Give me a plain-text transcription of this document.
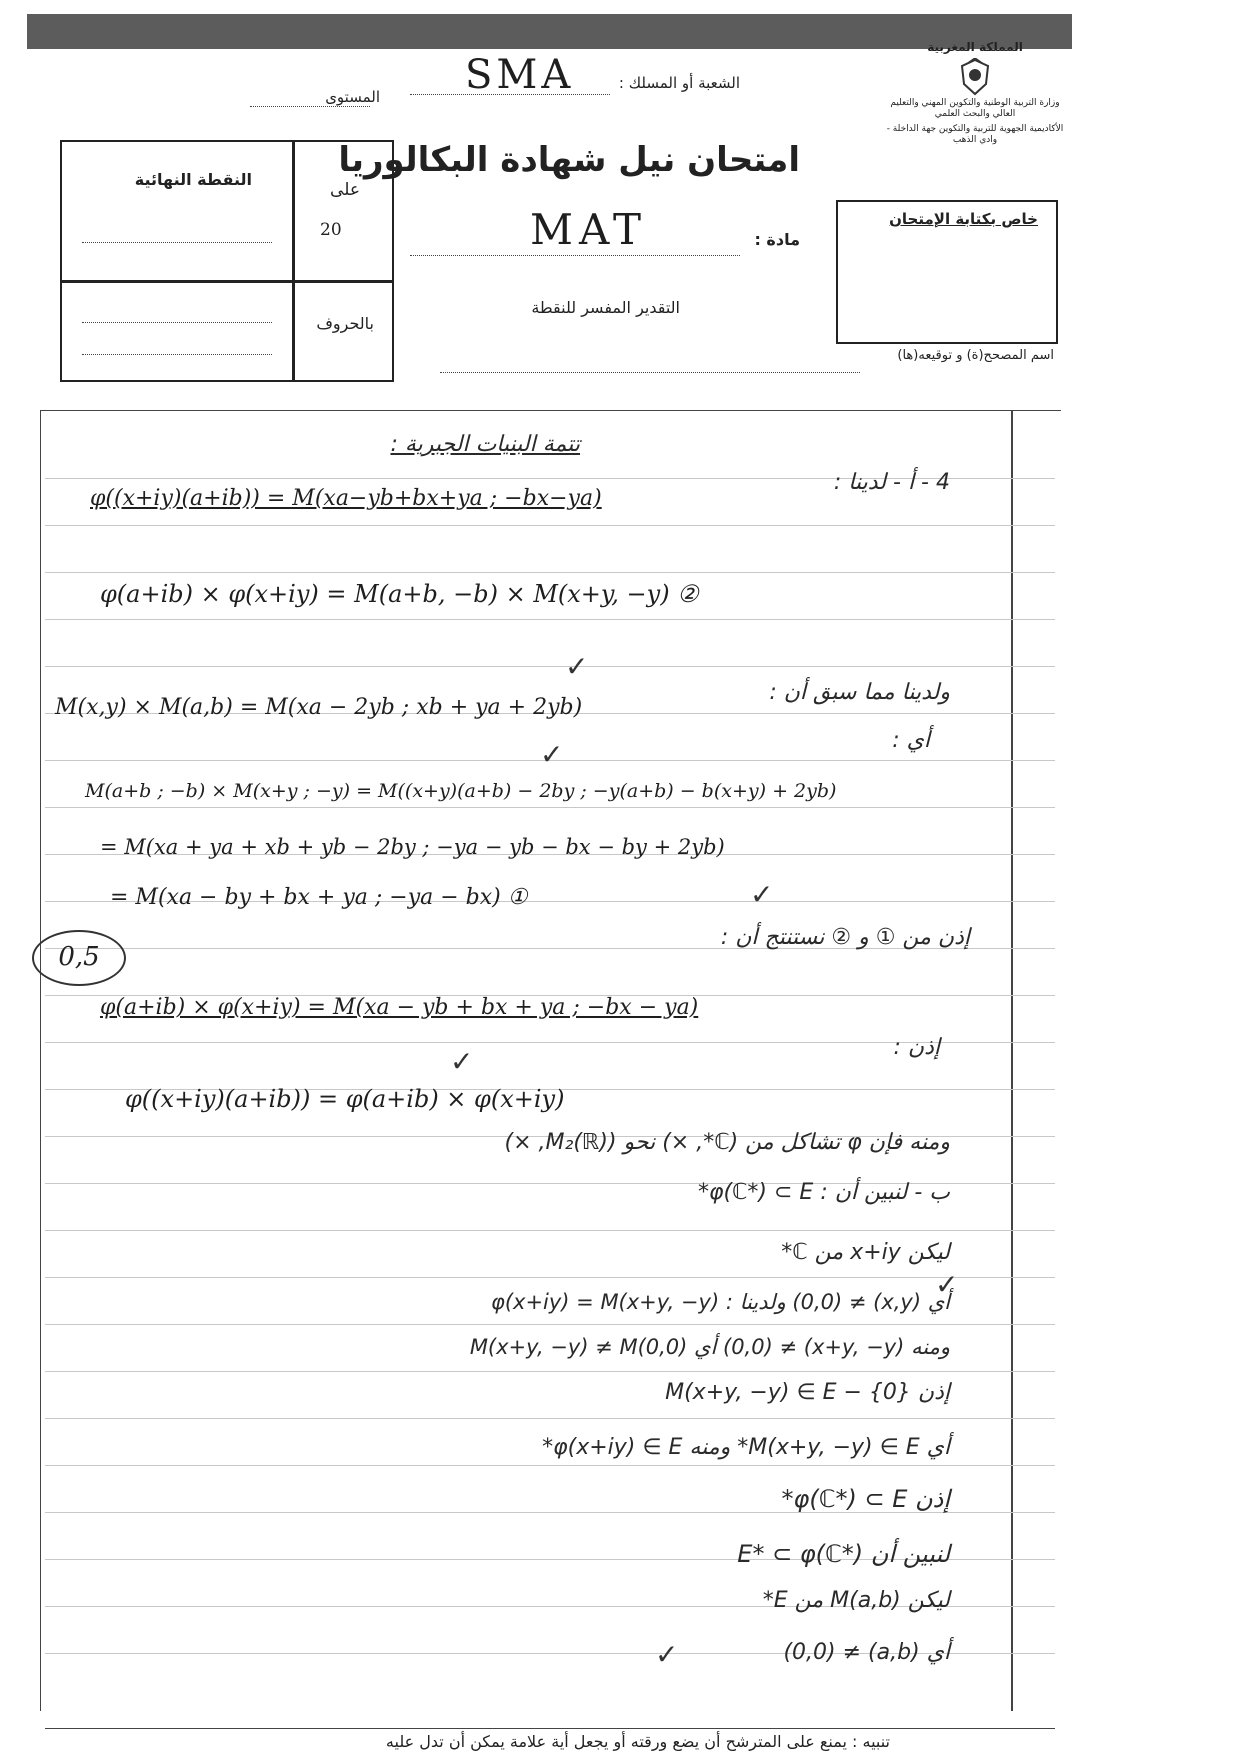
المملكة المغربية
وزارة التربية الوطنية والتكوين المهني والتعليم العالي والبحث العلمي
الأكاديمية الجهوية للتربية والتكوين جهة الداخلة - وادي الذهب
الشعبة أو المسلك :
SMA
المستوى
امتحان نيل شهادة البكالوريا
مادة :
MAT
التقدير المفسر للنقطة
خاص بكتابة الإمتحان
اسم المصحح(ة) و توقيعه(ها)
النقطة النهائية
على
20
بالحروف
تتمة البنيات الجبرية :
4 - أ - لدينا :
φ((x+iy)(a+ib)) = M(xa−yb+bx+ya ; −bx−ya)
φ(a+ib) × φ(x+iy) = M(a+b, −b) × M(x+y, −y) ②
ولدينا مما سبق أن :
M(x,y) × M(a,b) = M(xa − 2yb ; xb + ya + 2yb)
أي :
M(a+b ; −b) × M(x+y ; −y) = M((x+y)(a+b) − 2by ; −y(a+b) − b(x+y) + 2yb)
= M(xa + ya + xb + yb − 2by ; −ya − yb − bx − by + 2yb)
= M(xa − by + bx + ya ; −ya − bx) ①
إذن من ① و ② نستنتج أن :
φ(a+ib) × φ(x+iy) = M(xa − yb + bx + ya ; −bx − ya)
إذن :
φ((x+iy)(a+ib)) = φ(a+ib) × φ(x+iy)
ومنه فإن φ تشاكل من (ℂ*, ×) نحو (M₂(ℝ), ×)
ب - لنبين أن : φ(ℂ*) ⊂ E*
ليكن x+iy من ℂ*
أي (x,y) ≠ (0,0) ولدينا : φ(x+iy) = M(x+y, −y)
ومنه (x+y, −y) ≠ (0,0) أي M(x+y, −y) ≠ M(0,0)
إذن M(x+y, −y) ∈ E − {0}
أي M(x+y, −y) ∈ E* ومنه φ(x+iy) ∈ E*
إذن φ(ℂ*) ⊂ E*
لنبين أن E* ⊂ φ(ℂ*)
ليكن M(a,b) من E*
أي (a,b) ≠ (0,0)
0,5
✓
✓
✓
✓
✓
✓
تنبيه : يمنع على المترشح أن يضع ورقته أو يجعل أية علامة يمكن أن تدل عليه
